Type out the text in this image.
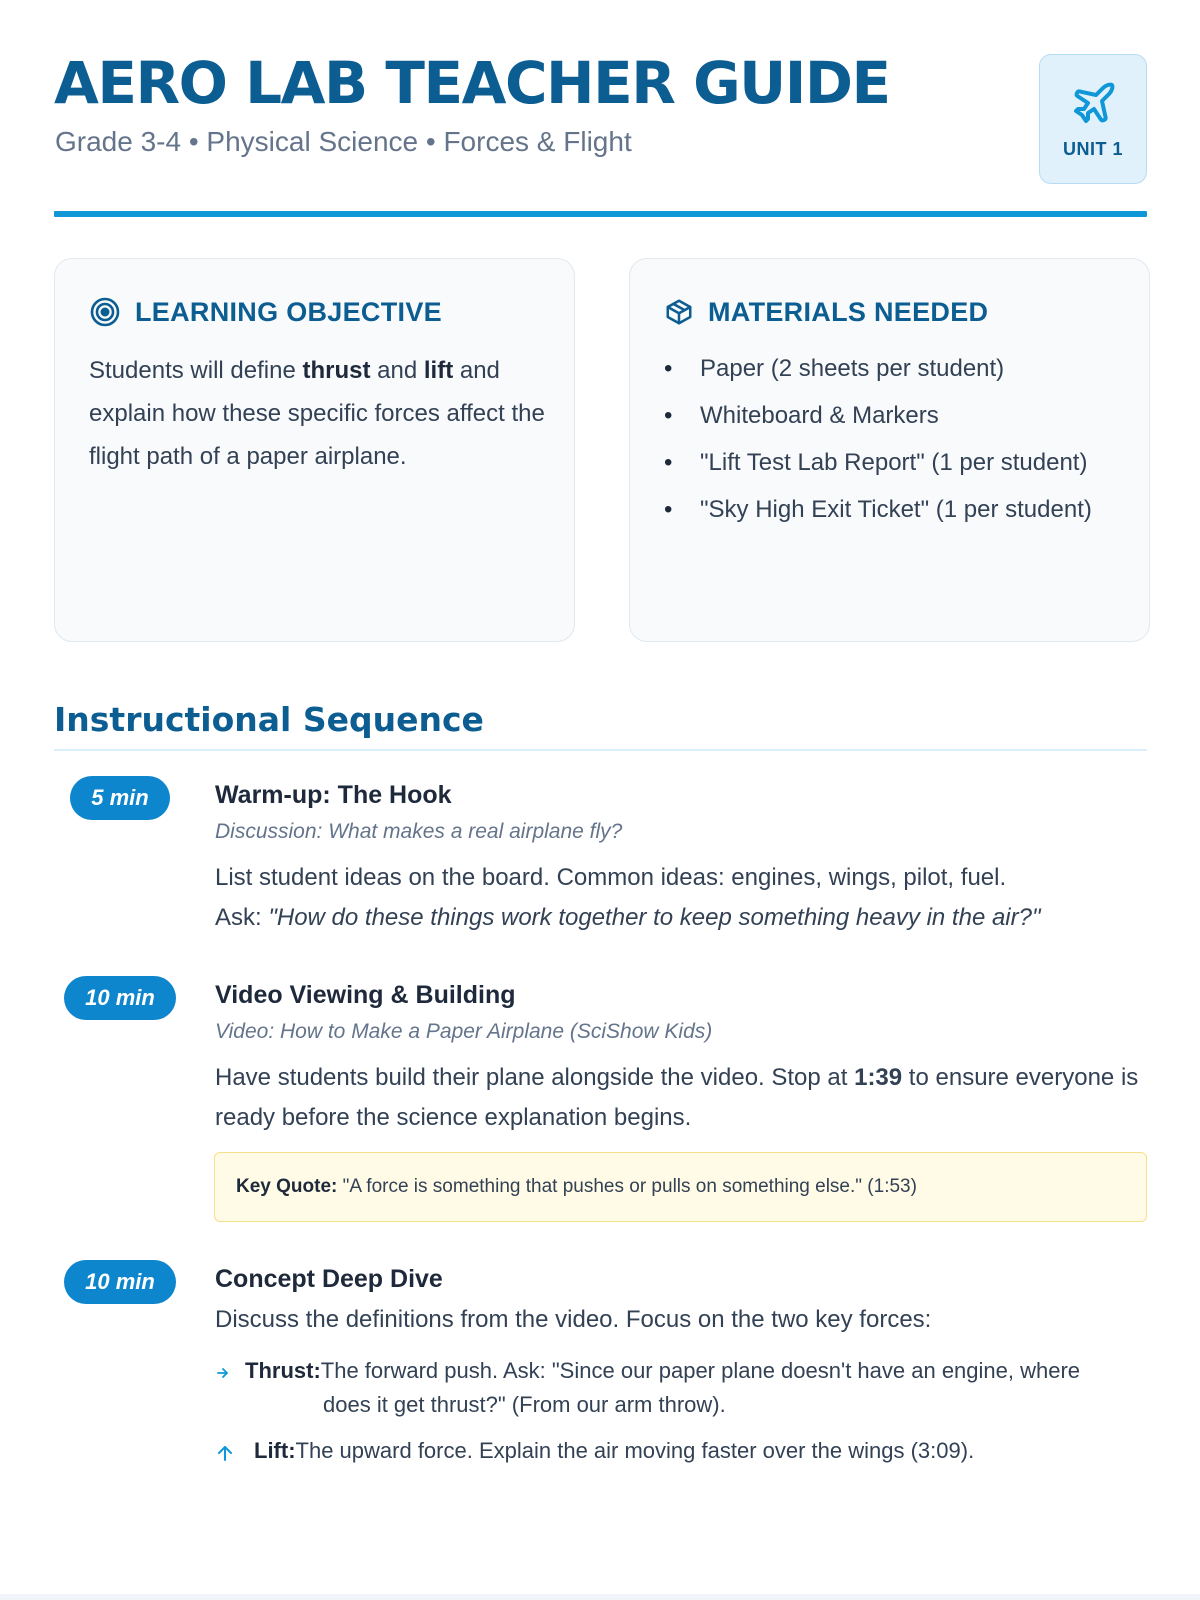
AERO LAB TEACHER GUIDE
Grade 3-4 • Physical Science • Forces & Flight	UNIT 1
LEARNING OBJECTIVE

Students will define thrust and lift and explain how these specific forces affect the flight path of a paper airplane.

MATERIALS NEEDED
• Paper (2 sheets per student)
• Whiteboard & Markers
• "Lift Test Lab Report" (1 per student)
• "Sky High Exit Ticket" (1 per student)
Instructional Sequence
5 min	Warm-up: The Hook
Discussion: What makes a real airplane fly?
List student ideas on the board. Common ideas: engines, wings, pilot, fuel.
Ask: "How do these things work together to keep something heavy in the air?"
10 min	Video Viewing & Building
Video: How to Make a Paper Airplane (SciShow Kids)
Have students build their plane alongside the video. Stop at 1:39 to ensure everyone is ready before the science explanation begins.
Key Quote: "A force is something that pushes or pulls on something else." (1:53)
10 min	Concept Deep Dive
Discuss the definitions from the video. Focus on the two key forces:
Thrust:The forward push. Ask: "Since our paper plane doesn't have an engine, where
does it get thrust?" (From our arm throw).
Lift:The upward force. Explain the air moving faster over the wings (3:09).
